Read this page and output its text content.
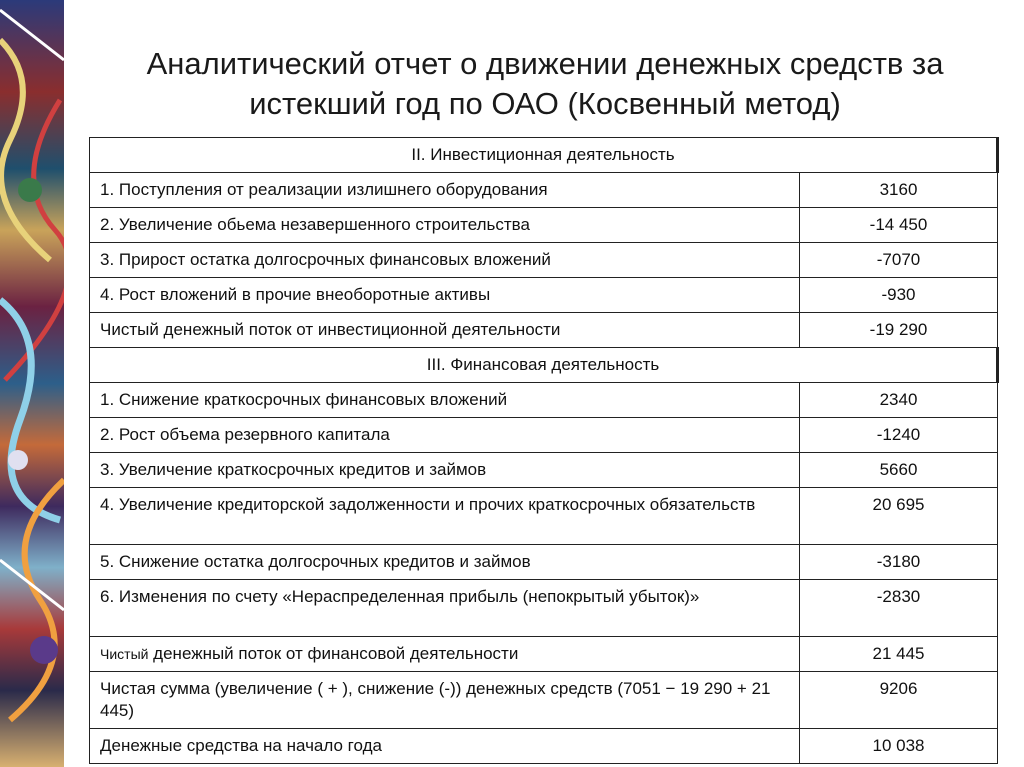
Аналитический отчет о движении денежных средств за
истекший год по ОАО (Косвенный метод)
II. Инвестиционная деятельность	
1. Поступления от реализации излишнего оборудования	3160
2. Увеличение обьема незавершенного строительства	-14 450
3. Прирост остатка долгосрочных финансовых вложений	-7070
4. Рост вложений в прочие внеоборотные активы	-930
Чистый денежный поток от инвестиционной деятельности	-19 290
III. Финансовая деятельность	
1. Снижение краткосрочных финансовых вложений	2340
2. Рост объема резервного капитала	-1240
3. Увеличение краткосрочных кредитов и займов	5660
4. Увеличение кредиторской задолженности и прочих краткосрочных обязательств	20 695
5. Снижение остатка долгосрочных кредитов и займов	-3180
6. Изменения по счету «Нераспределенная прибыль (непокрытый убыток)»	-2830
Чистый денежный поток от финансовой деятельности	21 445
Чистая сумма (увеличение ( + ), снижение (-)) денежных средств (7051 − 19 290 + 21 445)	9206
Денежные средства на начало года	10 038
